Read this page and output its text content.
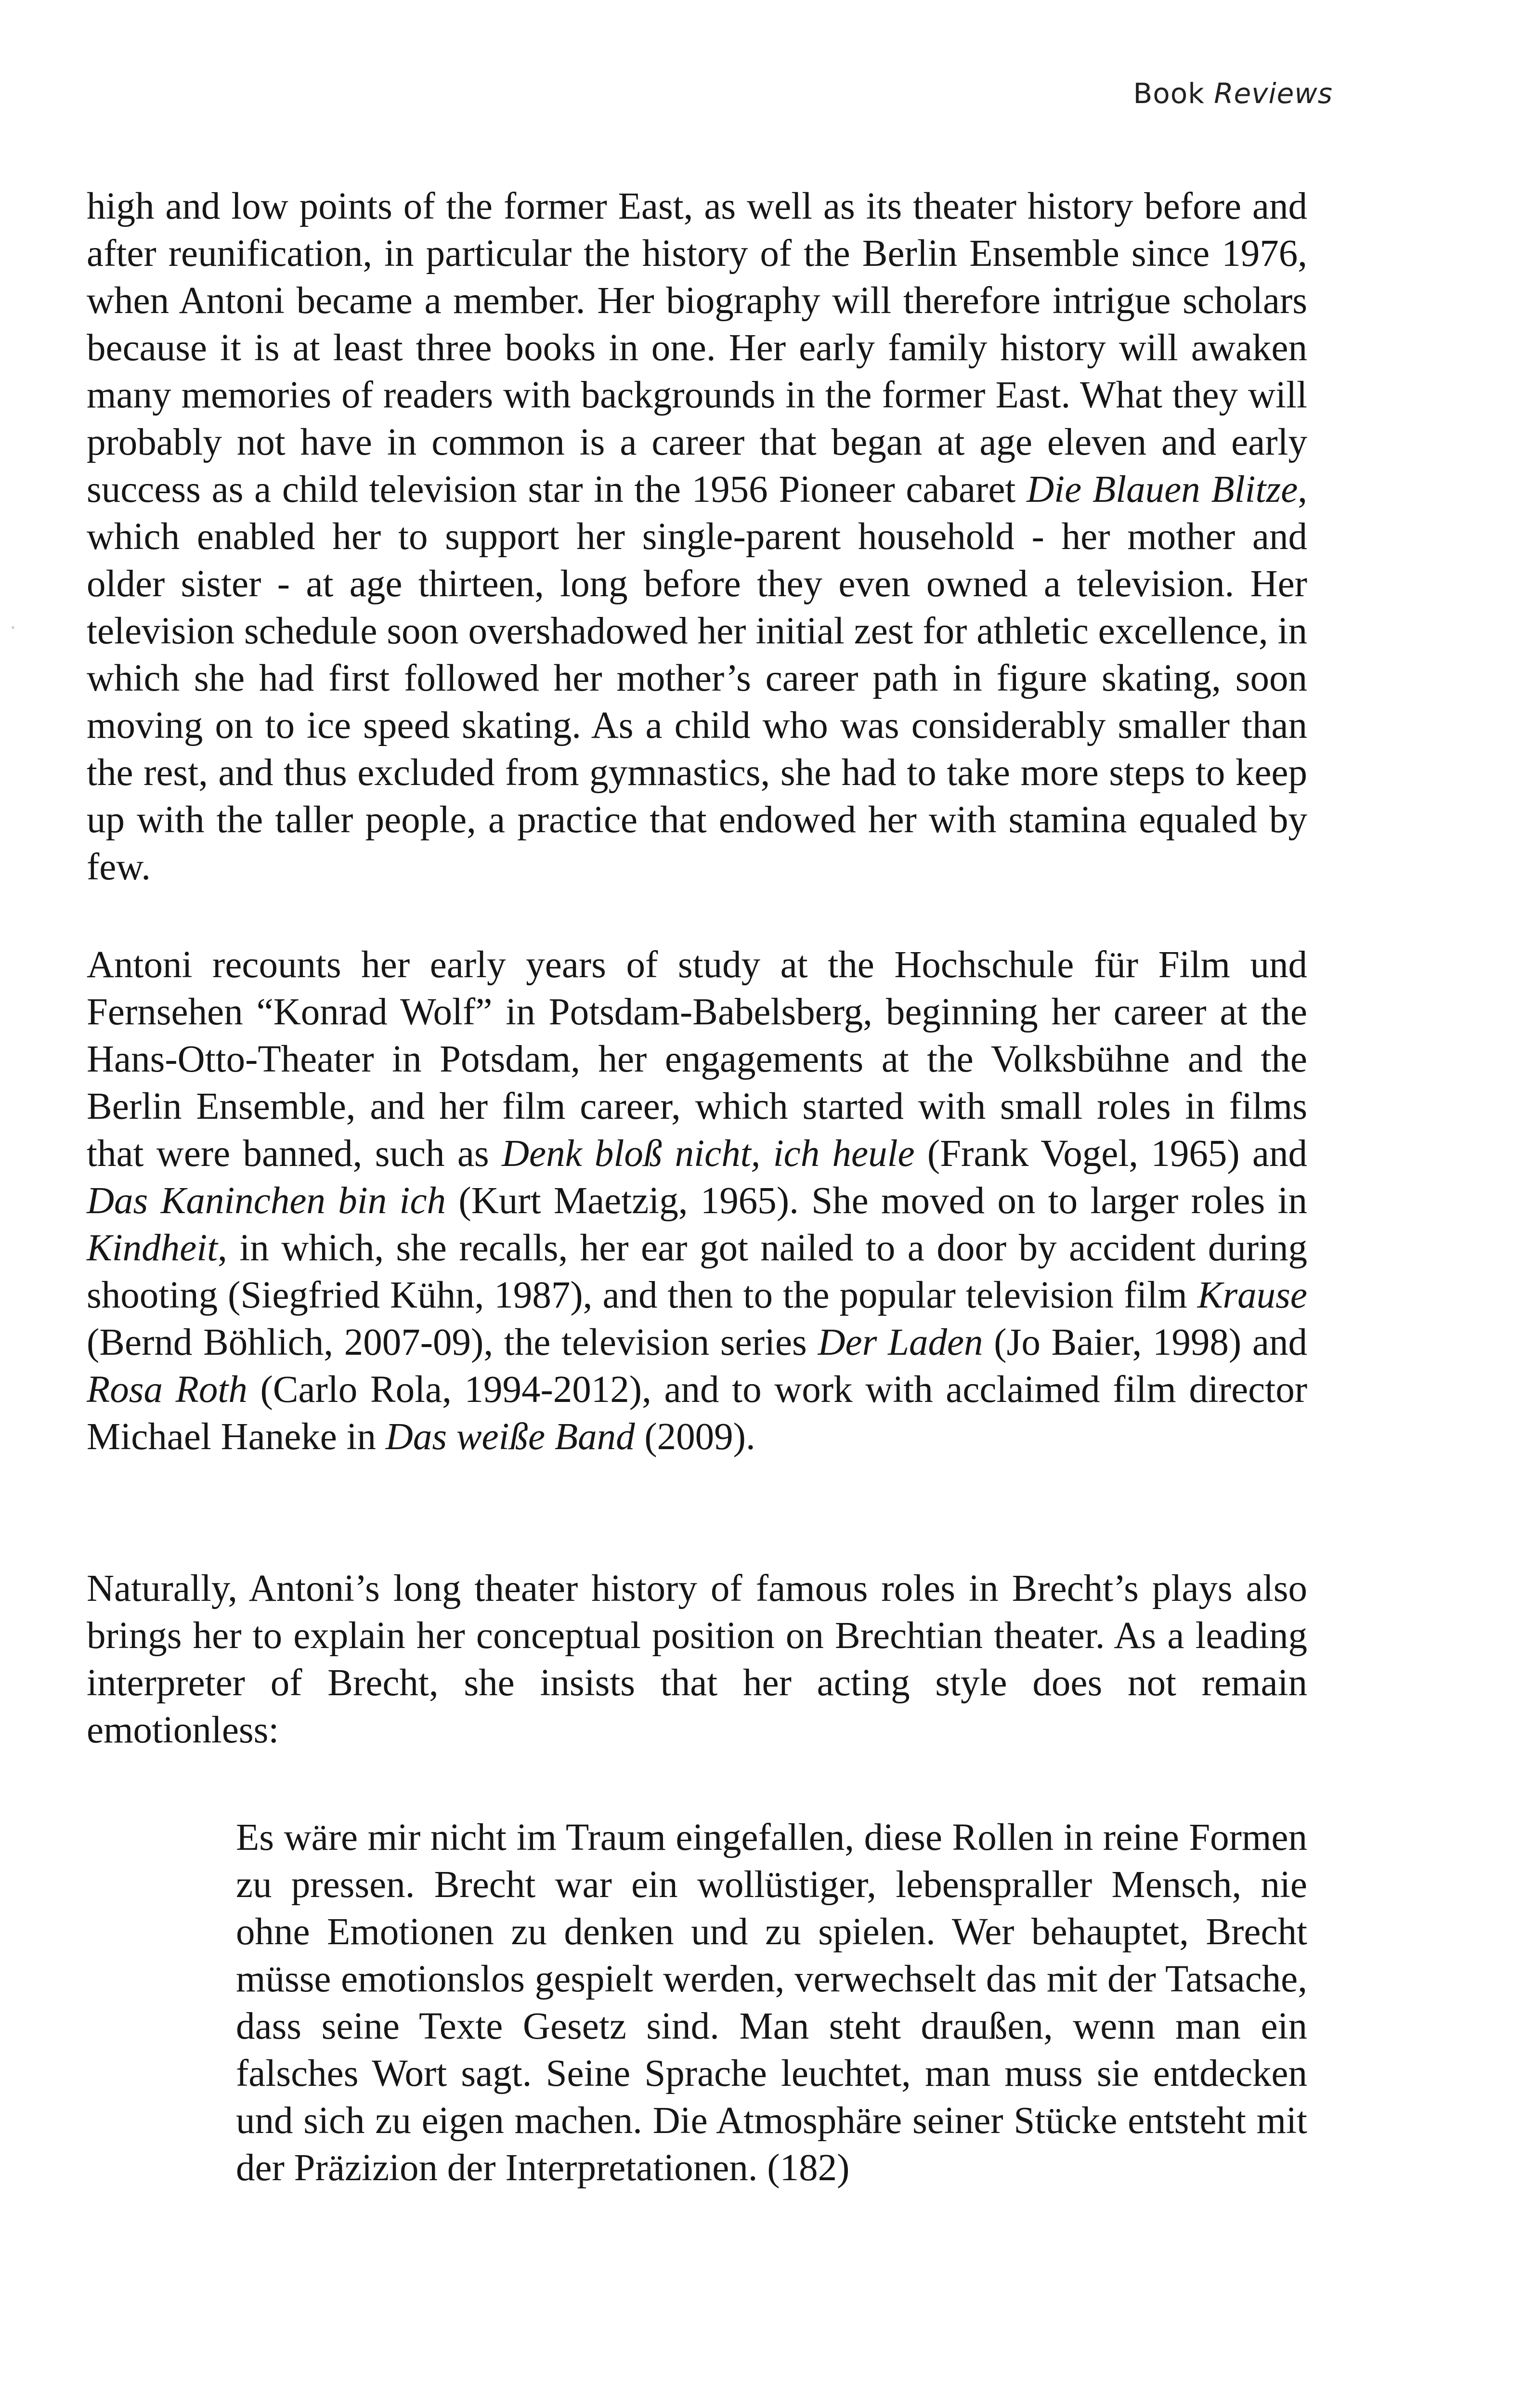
Book Reviews

high and low points of the former East, as well as its theater history before and after reunification, in particular the history of the Berlin Ensemble since 1976, when Antoni became a member. Her biography will therefore intrigue scholars because it is at least three books in one. Her early family history will awaken many memories of readers with backgrounds in the former East. What they will probably not have in common is a career that began at age eleven and early success as a child television star in the 1956 Pioneer cabaret Die Blauen Blitze, which enabled her to support her single-parent household - her mother and older sister - at age thirteen, long before they even owned a television. Her television schedule soon overshadowed her initial zest for athletic excellence, in which she had first followed her mother’s career path in figure skating, soon moving on to ice speed skating. As a child who was considerably smaller than the rest, and thus excluded from gymnastics, she had to take more steps to keep up with the taller people, a practice that endowed her with stamina equaled by few.

Antoni recounts her early years of study at the Hochschule für Film und Fernsehen “Konrad Wolf” in Potsdam-Babelsberg, beginning her career at the Hans-Otto-Theater in Potsdam, her engagements at the Volksbühne and the Berlin Ensemble, and her film career, which started with small roles in films that were banned, such as Denk bloß nicht, ich heule (Frank Vogel, 1965) and Das Kaninchen bin ich (Kurt Maetzig, 1965). She moved on to larger roles in Kindheit, in which, she recalls, her ear got nailed to a door by accident during shooting (Siegfried Kühn, 1987), and then to the popular television film Krause (Bernd Böhlich, 2007-09), the television series Der Laden (Jo Baier, 1998) and Rosa Roth (Carlo Rola, 1994-2012), and to work with acclaimed film director Michael Haneke in Das weiße Band (2009).

Naturally, Antoni’s long theater history of famous roles in Brecht’s plays also brings her to explain her conceptual position on Brechtian theater. As a leading interpreter of Brecht, she insists that her acting style does not remain emotionless:

Es wäre mir nicht im Traum eingefallen, diese Rollen in reine Formen zu pressen. Brecht war ein wollüstiger, lebenspraller Mensch, nie ohne Emotionen zu denken und zu spielen. Wer behauptet, Brecht müsse emotionslos gespielt werden, verwechselt das mit der Tatsache, dass seine Texte Gesetz sind. Man steht draußen, wenn man ein falsches Wort sagt. Seine Sprache leuchtet, man muss sie entdecken und sich zu eigen machen. Die Atmosphäre seiner Stücke entsteht mit der Präzizion der Interpretationen. (182)
